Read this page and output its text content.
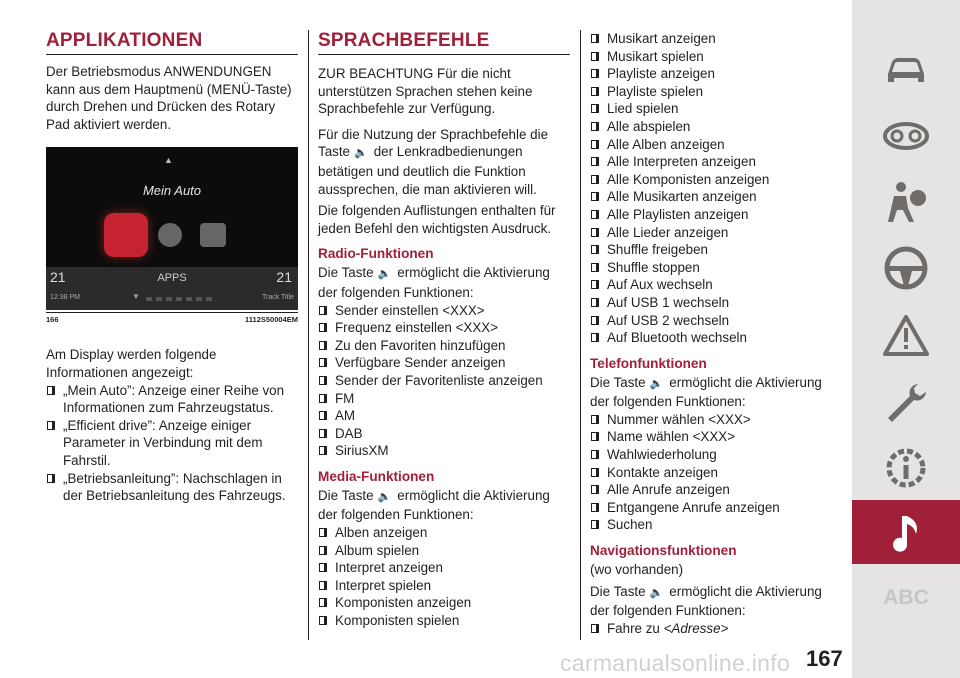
APPLIKATIONEN

Der Betriebsmodus ANWENDUNGEN kann aus dem Hauptmenü (MENÜ-Taste) durch Drehen und Drücken des Rotary Pad aktiviert werden.

▲
Mein Auto
21	APPS	21
12:38 PM	▼	Track Title
166	1112S50004EM

Am Display werden folgende Informationen angezeigt:

„Mein Auto”: Anzeige einer Reihe von Informationen zum Fahrzeugstatus.
„Efficient drive”: Anzeige einiger Parameter in Verbindung mit dem Fahrstil.
„Betriebsanleitung”: Nachschlagen in der Betriebsanleitung des Fahrzeugs.
SPRACHBEFEHLE

ZUR BEACHTUNG Für die nicht unterstützen Sprachen stehen keine Sprachbefehle zur Verfügung.

Für die Nutzung der Sprachbefehle die Taste 🔈 der Lenkradbedienungen betätigen und deutlich die Funktion aussprechen, die man aktivieren will.

Die folgenden Auflistungen enthalten für jeden Befehl den wichtigsten Ausdruck.

Radio-Funktionen

Die Taste 🔈 ermöglicht die Aktivierung der folgenden Funktionen:

Sender einstellen <XXX>
Frequenz einstellen <XXX>
Zu den Favoriten hinzufügen
Verfügbare Sender anzeigen
Sender der Favoritenliste anzeigen
FM
AM
DAB
SiriusXM
Media-Funktionen

Die Taste 🔈 ermöglicht die Aktivierung der folgenden Funktionen:

Alben anzeigen
Album spielen
Interpret anzeigen
Interpret spielen
Komponisten anzeigen
Komponisten spielen
Musikart anzeigen
Musikart spielen
Playliste anzeigen
Playliste spielen
Lied spielen
Alle abspielen
Alle Alben anzeigen
Alle Interpreten anzeigen
Alle Komponisten anzeigen
Alle Musikarten anzeigen
Alle Playlisten anzeigen
Alle Lieder anzeigen
Shuffle freigeben
Shuffle stoppen
Auf Aux wechseln
Auf USB 1 wechseln
Auf USB 2 wechseln
Auf Bluetooth wechseln
Telefonfunktionen

Die Taste 🔈 ermöglicht die Aktivierung der folgenden Funktionen:

Nummer wählen <XXX>
Name wählen <XXX>
Wahlwiederholung
Kontakte anzeigen
Alle Anrufe anzeigen
Entgangene Anrufe anzeigen
Suchen
Navigationsfunktionen

(wo vorhanden)

Die Taste 🔈 ermöglicht die Aktivierung der folgenden Funktionen:

Fahre zu <Adresse>
167
carmanualsonline.info
ABC
